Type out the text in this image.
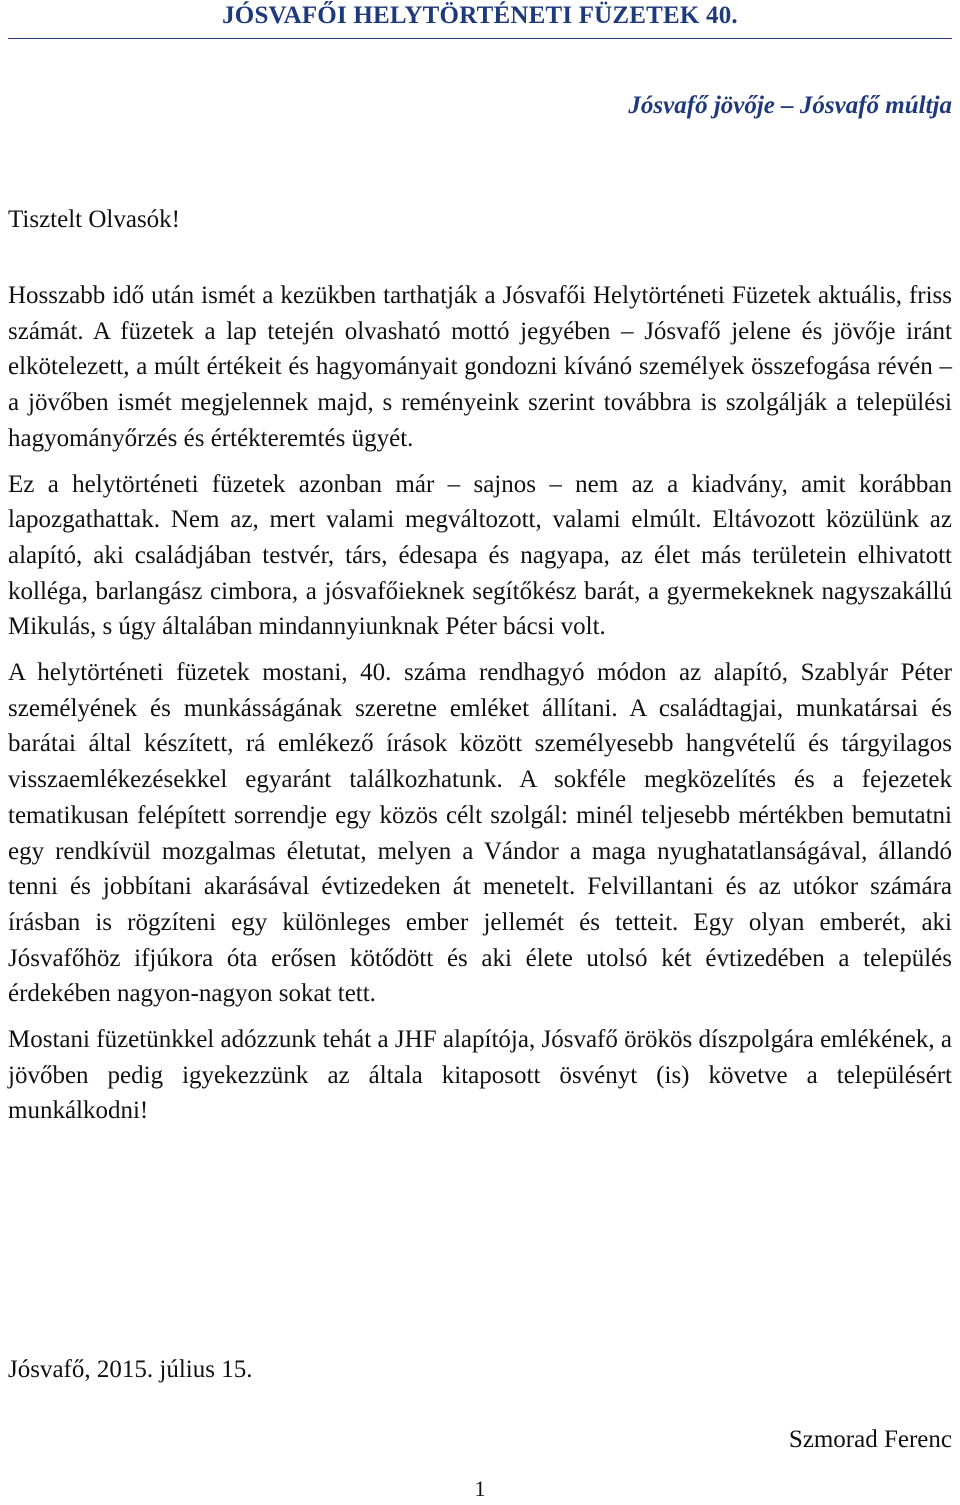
JÓSVAFŐI HELYTÖRTÉNETI FÜZETEK 40.
Jósvafő jövője – Jósvafő múltja
Tisztelt Olvasók!

Hosszabb idő után ismét a kezükben tarthatják a Jósvafői Helytörténeti Füzetek aktuális, friss számát. A füzetek a lap tetején olvasható mottó jegyében – Jósvafő jelene és jövője iránt elkötelezett, a múlt értékeit és hagyományait gondozni kívánó személyek összefogása révén – a jövőben ismét megjelennek majd, s reményeink szerint továbbra is szolgálják a települési hagyományőrzés és értékteremtés ügyét.

Ez a helytörténeti füzetek azonban már – sajnos – nem az a kiadvány, amit korábban lapozgathattak. Nem az, mert valami megváltozott, valami elmúlt. Eltávozott közülünk az alapító, aki családjában testvér, társ, édesapa és nagyapa, az élet más területein elhivatott kolléga, barlangász cimbora, a jósvafőieknek segítőkész barát, a gyermekeknek nagyszakállú Mikulás, s úgy általában mindannyiunknak Péter bácsi volt.

A helytörténeti füzetek mostani, 40. száma rendhagyó módon az alapító, Szablyár Péter személyének és munkásságának szeretne emléket állítani. A családtagjai, munkatársai és barátai által készített, rá emlékező írások között személyesebb hangvételű és tárgyilagos visszaemlékezésekkel egyaránt találkozhatunk. A sokféle megközelítés és a fejezetek tematikusan felépített sorrendje egy közös célt szolgál: minél teljesebb mértékben bemutatni egy rendkívül mozgalmas életutat, melyen a Vándor a maga nyughatatlanságával, állandó tenni és jobbítani akarásával évtizedeken át menetelt. Felvillantani és az utókor számára írásban is rögzíteni egy különleges ember jellemét és tetteit. Egy olyan emberét, aki Jósvafőhöz ifjúkora óta erősen kötődött és aki élete utolsó két évtizedében a település érdekében nagyon-nagyon sokat tett.

Mostani füzetünkkel adózzunk tehát a JHF alapítója, Jósvafő örökös díszpolgára emlékének, a jövőben pedig igyekezzünk az általa kitaposott ösvényt (is) követve a településért munkálkodni!

Jósvafő, 2015. július 15.
Szmorad Ferenc
1
